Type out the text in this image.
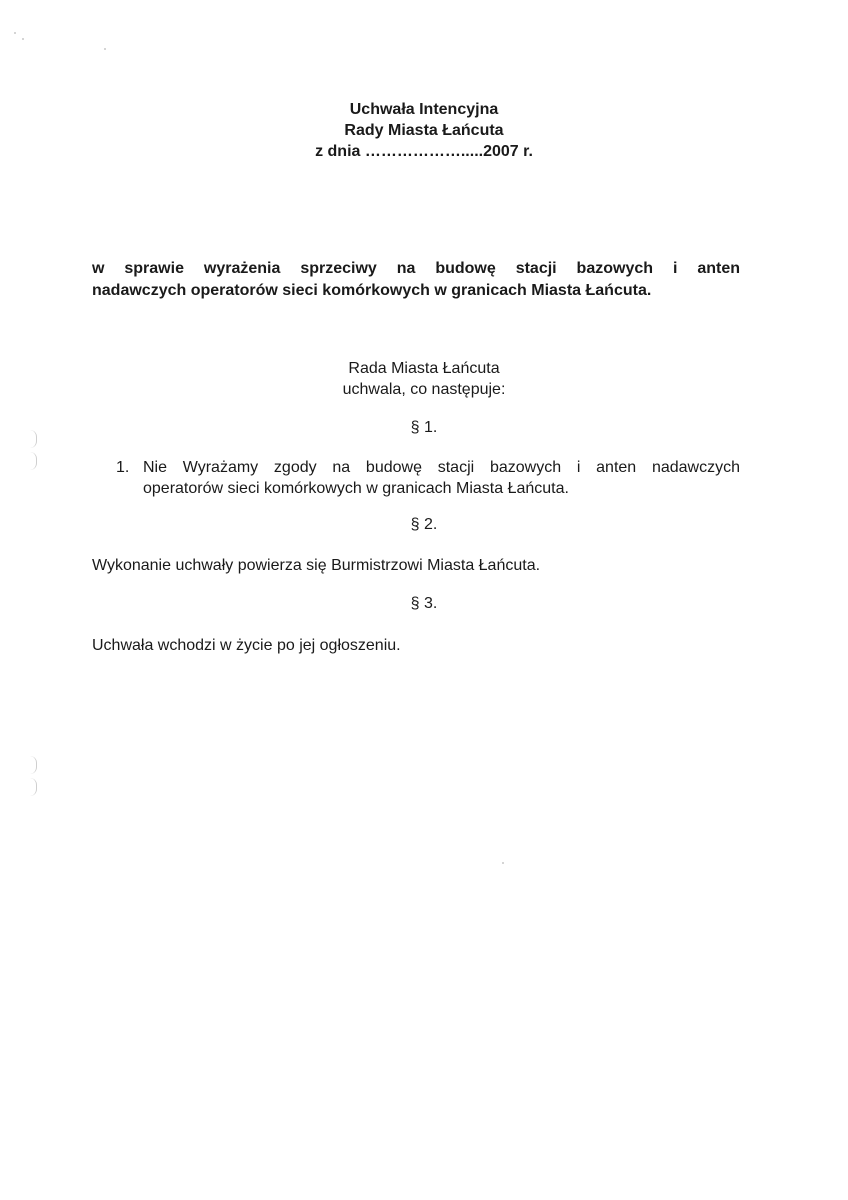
Uchwała Intencyjna
Rady Miasta Łańcuta
z dnia ……………….....2007 r.
w sprawie wyrażenia sprzeciwy na budowę stacji bazowych i anten
nadawczych operatorów sieci komórkowych w granicach Miasta Łańcuta.
Rada Miasta Łańcuta
uchwala, co następuje:
§ 1.
1. Nie Wyrażamy zgody na budowę stacji bazowych i anten nadawczych
operatorów sieci komórkowych w granicach Miasta Łańcuta.
§ 2.
Wykonanie uchwały powierza się Burmistrzowi Miasta Łańcuta.
§ 3.
Uchwała wchodzi w życie po jej ogłoszeniu.
